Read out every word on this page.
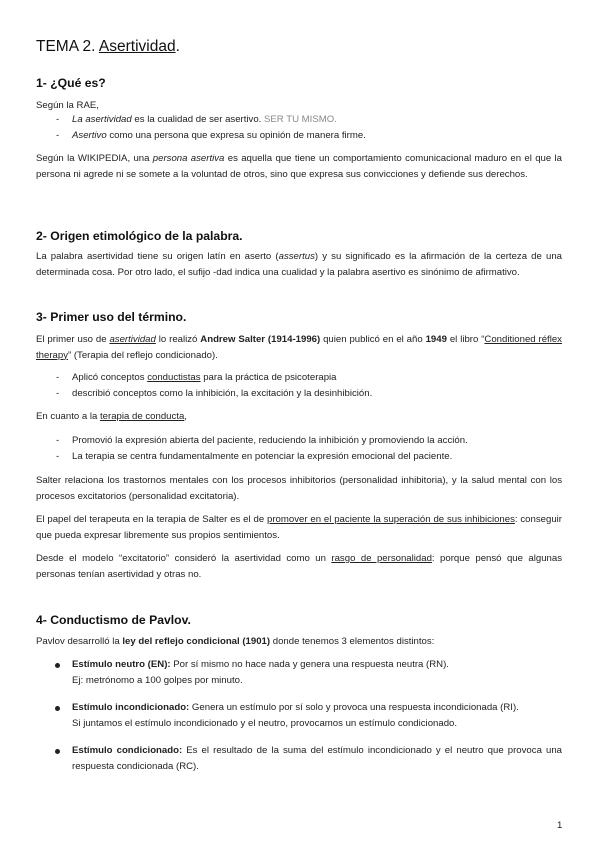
TEMA 2. Asertividad.
1- ¿Qué es?

Según la RAE,

- La asertividad es la cualidad de ser asertivo. SER TU MISMO.
- Asertivo como una persona que expresa su opinión de manera firme.

Según la WIKIPEDIA, una persona asertiva es aquella que tiene un comportamiento comunicacional maduro en el que la persona ni agrede ni se somete a la voluntad de otros, sino que expresa sus convicciones y defiende sus derechos.

2- Origen etimológico de la palabra.

La palabra asertividad tiene su origen latín en aserto (assertus) y su significado es la afirmación de la certeza de una determinada cosa. Por otro lado, el sufijo -dad indica una cualidad y la palabra asertivo es sinónimo de afirmativo.

3- Primer uso del término.

El primer uso de asertividad lo realizó Andrew Salter (1914-1996) quien publicó en el año 1949 el libro “Conditioned réflex therapy” (Terapia del reflejo condicionado).

- Aplicó conceptos conductistas para la práctica de psicoterapia
- describió conceptos como la inhibición, la excitación y la desinhibición.

En cuanto a la terapia de conducta,

- Promovió la expresión abierta del paciente, reduciendo la inhibición y promoviendo la acción.
- La terapia se centra fundamentalmente en potenciar la expresión emocional del paciente.

Salter relaciona los trastornos mentales con los procesos inhibitorios (personalidad inhibitoria), y la salud mental con los procesos excitatorios (personalidad excitatoria).

El papel del terapeuta en la terapia de Salter es el de promover en el paciente la superación de sus inhibiciones: conseguir que pueda expresar libremente sus propios sentimientos.

Desde el modelo “excitatorio” consideró la asertividad como un rasgo de personalidad: porque pensó que algunas personas tenían asertividad y otras no.

4- Conductismo de Pavlov.

Pavlov desarrolló la ley del reflejo condicional (1901) donde tenemos 3 elementos distintos:

Estímulo neutro (EN): Por sí mismo no hace nada y genera una respuesta neutra (RN).
Ej: metrónomo a 100 golpes por minuto.
Estímulo incondicionado: Genera un estímulo por sí solo y provoca una respuesta incondicionada (RI).
Si juntamos el estímulo incondicionado y el neutro, provocamos un estímulo condicionado.
Estímulo condicionado: Es el resultado de la suma del estímulo incondicionado y el neutro que provoca una respuesta condicionada (RC).
1
